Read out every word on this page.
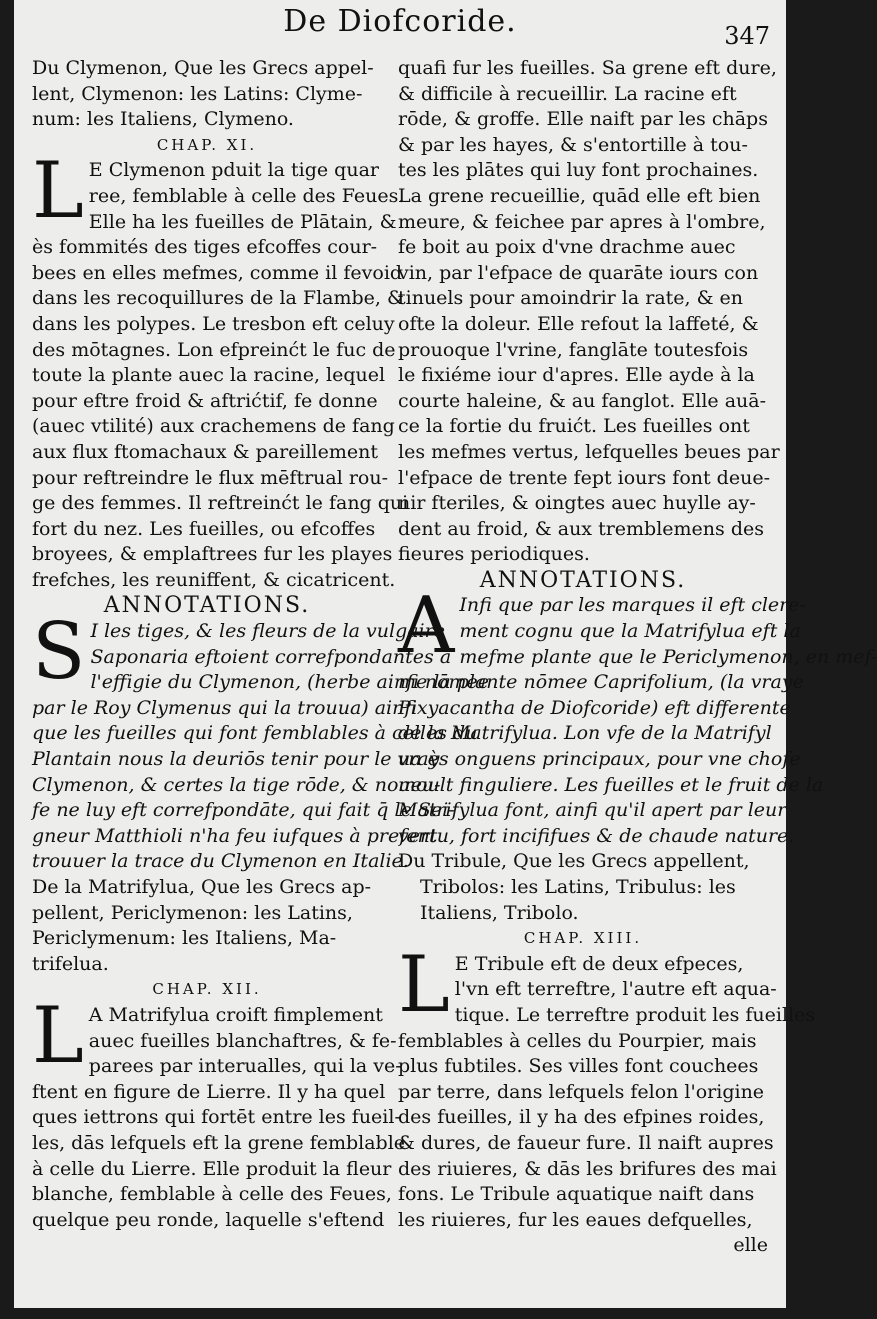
De Diofcoride.	347
Du Clymenon, Que les Grecs appel-
lent, Clymenon: les Latins: Clyme-
num: les Italiens, Clymeno.
CHAP. XI.
L E Clymenon pduit la tige quar
ree, femblable à celle des Feues.
Elle ha les fueilles de Plātain, &
ès fommités des tiges efcoffes cour-
bees en elles mefmes, comme il fevoid
dans les recoquillures de la Flambe, &
dans les polypes. Le tresbon eft celuy
des mōtagnes. Lon efpreinćt le fuc de
toute la plante auec la racine, lequel
pour eftre froid & aftrićtif, fe donne
(auec vtilité) aux crachemens de fang
aux flux ftomachaux & pareillement
pour reftreindre le flux mēftrual rou-
ge des femmes. Il reftreinćt le fang qui
fort du nez. Les fueilles, ou efcoffes
broyees, & emplaftrees fur les playes
frefches, les reuniffent, & cicatricent.
ANNOTATIONS.
S I les tiges, & les fleurs de la vulgaire
Saponaria eftoient correfpondantes à
l'effigie du Clymenon, (herbe ainfi nōmee
par le Roy Clymenus qui la trouua) ainfi
que les fueilles qui font femblables à celles du
Plantain nous la deuriōs tenir pour le vray
Clymenon, & certes la tige rōde, & noueu-
fe ne luy eft correfpondāte, qui fait q̄ le Sei-
gneur Matthioli n'ha feu iufques à prefent
trouuer la trace du Clymenon en Italie.
De la Matrifylua, Que les Grecs ap-
pellent, Periclymenon: les Latins,
Periclymenum: les Italiens, Ma-
trifelua.
CHAP. XII.
L A Matrifylua croift fimplement
auec fueilles blanchaftres, & fe-
parees par interualles, qui la ve-
ftent en figure de Lierre. Il y ha quel
ques iettrons qui fortēt entre les fueil-
les, dās lefquels eft la grene femblable
à celle du Lierre. Elle produit la fleur
blanche, femblable à celle des Feues,
quelque peu ronde, laquelle s'eftend
quafi fur les fueilles. Sa grene eft dure,
& difficile à recueillir. La racine eft
rōde, & groffe. Elle naift par les chāps
& par les hayes, & s'entortille à tou-
tes les plātes qui luy font prochaines.
La grene recueillie, quād elle eft bien
meure, & feichee par apres à l'ombre,
fe boit au poix d'vne drachme auec
vin, par l'efpace de quarāte iours con
tinuels pour amoindrir la rate, & en
ofte la doleur. Elle refout la laffeté, &
prouoque l'vrine, fanglāte toutesfois
le fixiéme iour d'apres. Elle ayde à la
courte haleine, & au fanglot. Elle auā-
ce la fortie du fruićt. Les fueilles ont
les mefmes vertus, lefquelles beues par
l'efpace de trente fept iours font deue-
nir fteriles, & oingtes auec huylle ay-
dent au froid, & aux tremblemens des
fieures periodiques.
ANNOTATIONS.
A Infi que par les marques il eft clere-
ment cognu que la Matrifylua eft la
mefme plante que le Periclymenon, en mef-
me la plante nōmee Caprifolium, (la vraye
Pixyacantha de Diofcoride) eft differente
de la Matrifylua. Lon vfe de la Matrifyl
ua ès onguens principaux, pour vne chofe
moult finguliere. Les fueilles et le fruit de la
Matrifylua font, ainfi qu'il apert par leur
vertu, fort incififues & de chaude nature.
Du Tribule, Que les Grecs appellent,
Tribolos: les Latins, Tribulus: les
Italiens, Tribolo.
CHAP. XIII.
L E Tribule eft de deux efpeces,
l'vn eft terreftre, l'autre eft aqua-
tique. Le terreftre produit les fueilles
femblables à celles du Pourpier, mais
plus fubtiles. Ses villes font couchees
par terre, dans lefquels felon l'origine
des fueilles, il y ha des efpines roides,
& dures, de faueur fure. Il naift aupres
des riuieres, & dās les brifures des mai
fons. Le Tribule aquatique naift dans
les riuieres, fur les eaues defquelles,
elle
